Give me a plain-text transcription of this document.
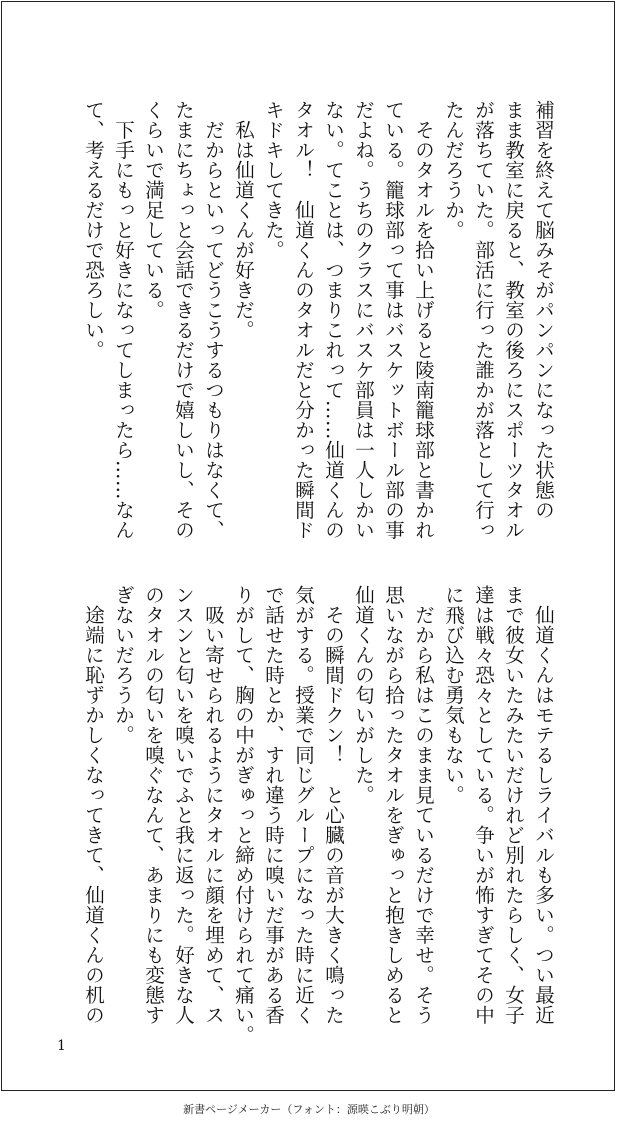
補習を終えて脳みそがパンパンになった状態の
まま教室に戻ると、教室の後ろにスポーツタオル
が落ちていた。部活に行った誰かが落として行っ
たんだろうか。
　そのタオルを拾い上げると陵南籠球部と書かれ
ている。籠球部って事はバスケットボール部の事
だよね。うちのクラスにバスケ部員は一人しかい
ない。てことは、つまりこれって……仙道くんの
タオル！　仙道くんのタオルだと分かった瞬間ド
キドキしてきた。
　私は仙道くんが好きだ。
　だからといってどうこうするつもりはなくて、
たまにちょっと会話できるだけで嬉しいし、その
くらいで満足している。
　下手にもっと好きになってしまったら……なん
て、考えるだけで恐ろしい。
　仙道くんはモテるしライバルも多い。つい最近
まで彼女いたみたいだけれど別れたらしく、女子
達は戦々恐々としている。争いが怖すぎてその中
に飛び込む勇気もない。
　だから私はこのまま見ているだけで幸せ。そう
思いながら拾ったタオルをぎゅっと抱きしめると
仙道くんの匂いがした。
　その瞬間ドクン！　と心臓の音が大きく鳴った
気がする。授業で同じグループになった時に近く
で話せた時とか、すれ違う時に嗅いだ事がある香
りがして、胸の中がぎゅっと締め付けられて痛い。
　吸い寄せられるようにタオルに顔を埋めて、ス
ンスンと匂いを嗅いでふと我に返った。好きな人
のタオルの匂いを嗅ぐなんて、あまりにも変態す
ぎないだろうか。
　途端に恥ずかしくなってきて、仙道くんの机の
1
新書ページメーカー（フォント：源暎こぶり明朝）
